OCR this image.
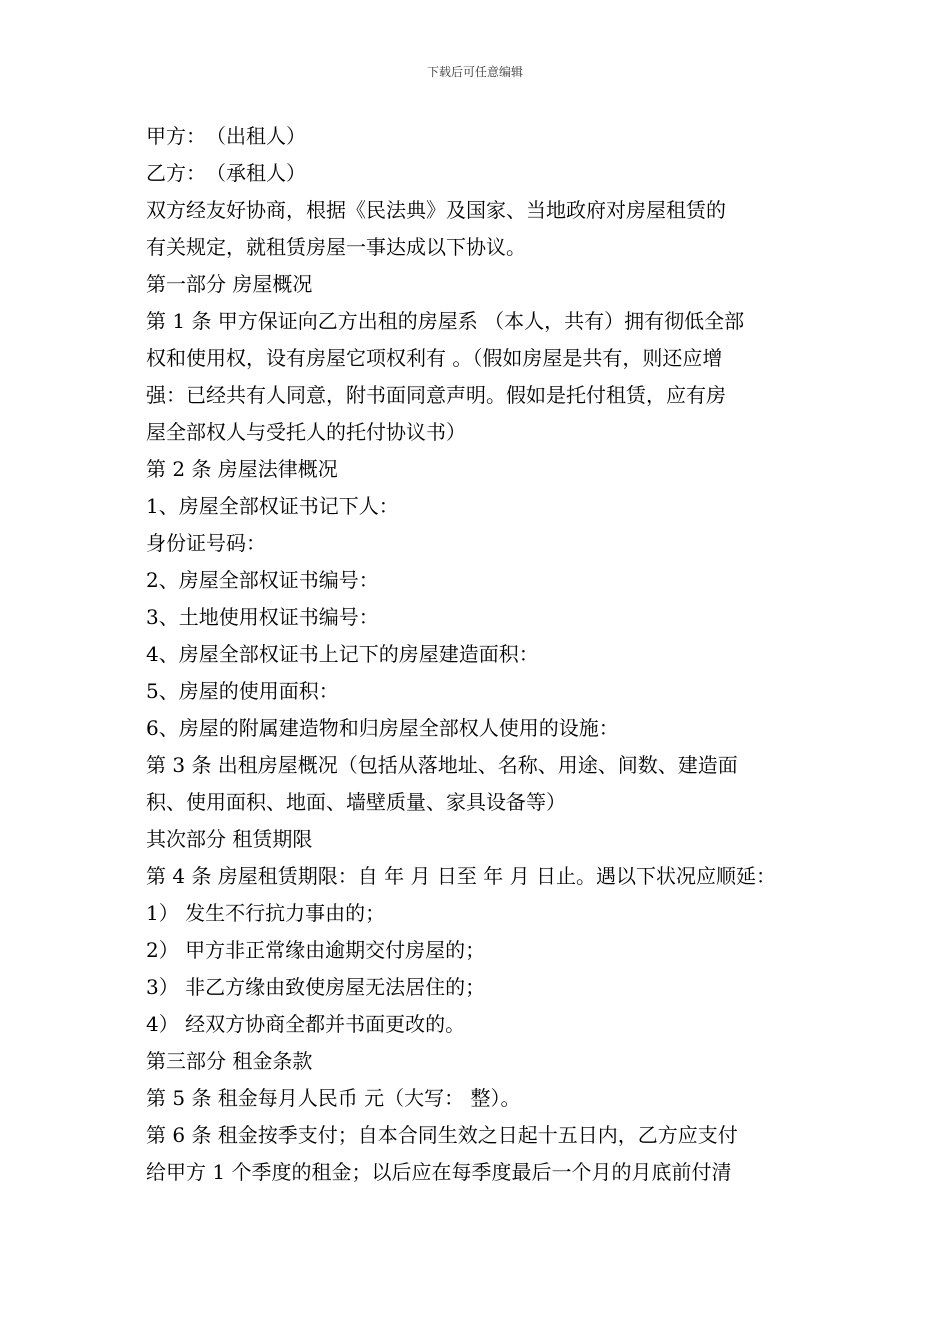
下载后可任意编辑

甲方：　（出租人）

乙方：　（承租人）

双方经友好协商，根据《民法典》及国家、当地政府对房屋租赁的

有关规定，就租赁房屋一事达成以下协议。

第一部分 房屋概况

第 1 条 甲方保证向乙方出租的房屋系 （本人，共有）拥有彻低全部

权和使用权，设有房屋它项权利有 。（假如房屋是共有，则还应增

强：已经共有人同意，附书面同意声明。假如是托付租赁，应有房

屋全部权人与受托人的托付协议书）

第 2 条 房屋法律概况

1、房屋全部权证书记下人：

身份证号码：

2、房屋全部权证书编号：

3、土地使用权证书编号：

4、房屋全部权证书上记下的房屋建造面积：

5、房屋的使用面积：

6、房屋的附属建造物和归房屋全部权人使用的设施：

第 3 条 出租房屋概况（包括从落地址、名称、用途、间数、建造面

积、使用面积、地面、墙壁质量、家具设备等）

其次部分 租赁期限

第 4 条 房屋租赁期限：自 年 月 日至 年 月 日止。遇以下状况应顺延：

1） 发生不行抗力事由的；

2） 甲方非正常缘由逾期交付房屋的；

3） 非乙方缘由致使房屋无法居住的；

4） 经双方协商全都并书面更改的。

第三部分 租金条款

第 5 条 租金每月人民币 元（大写： 整）。

第 6 条 租金按季支付；自本合同生效之日起十五日内，乙方应支付

给甲方 1 个季度的租金；以后应在每季度最后一个月的月底前付清
